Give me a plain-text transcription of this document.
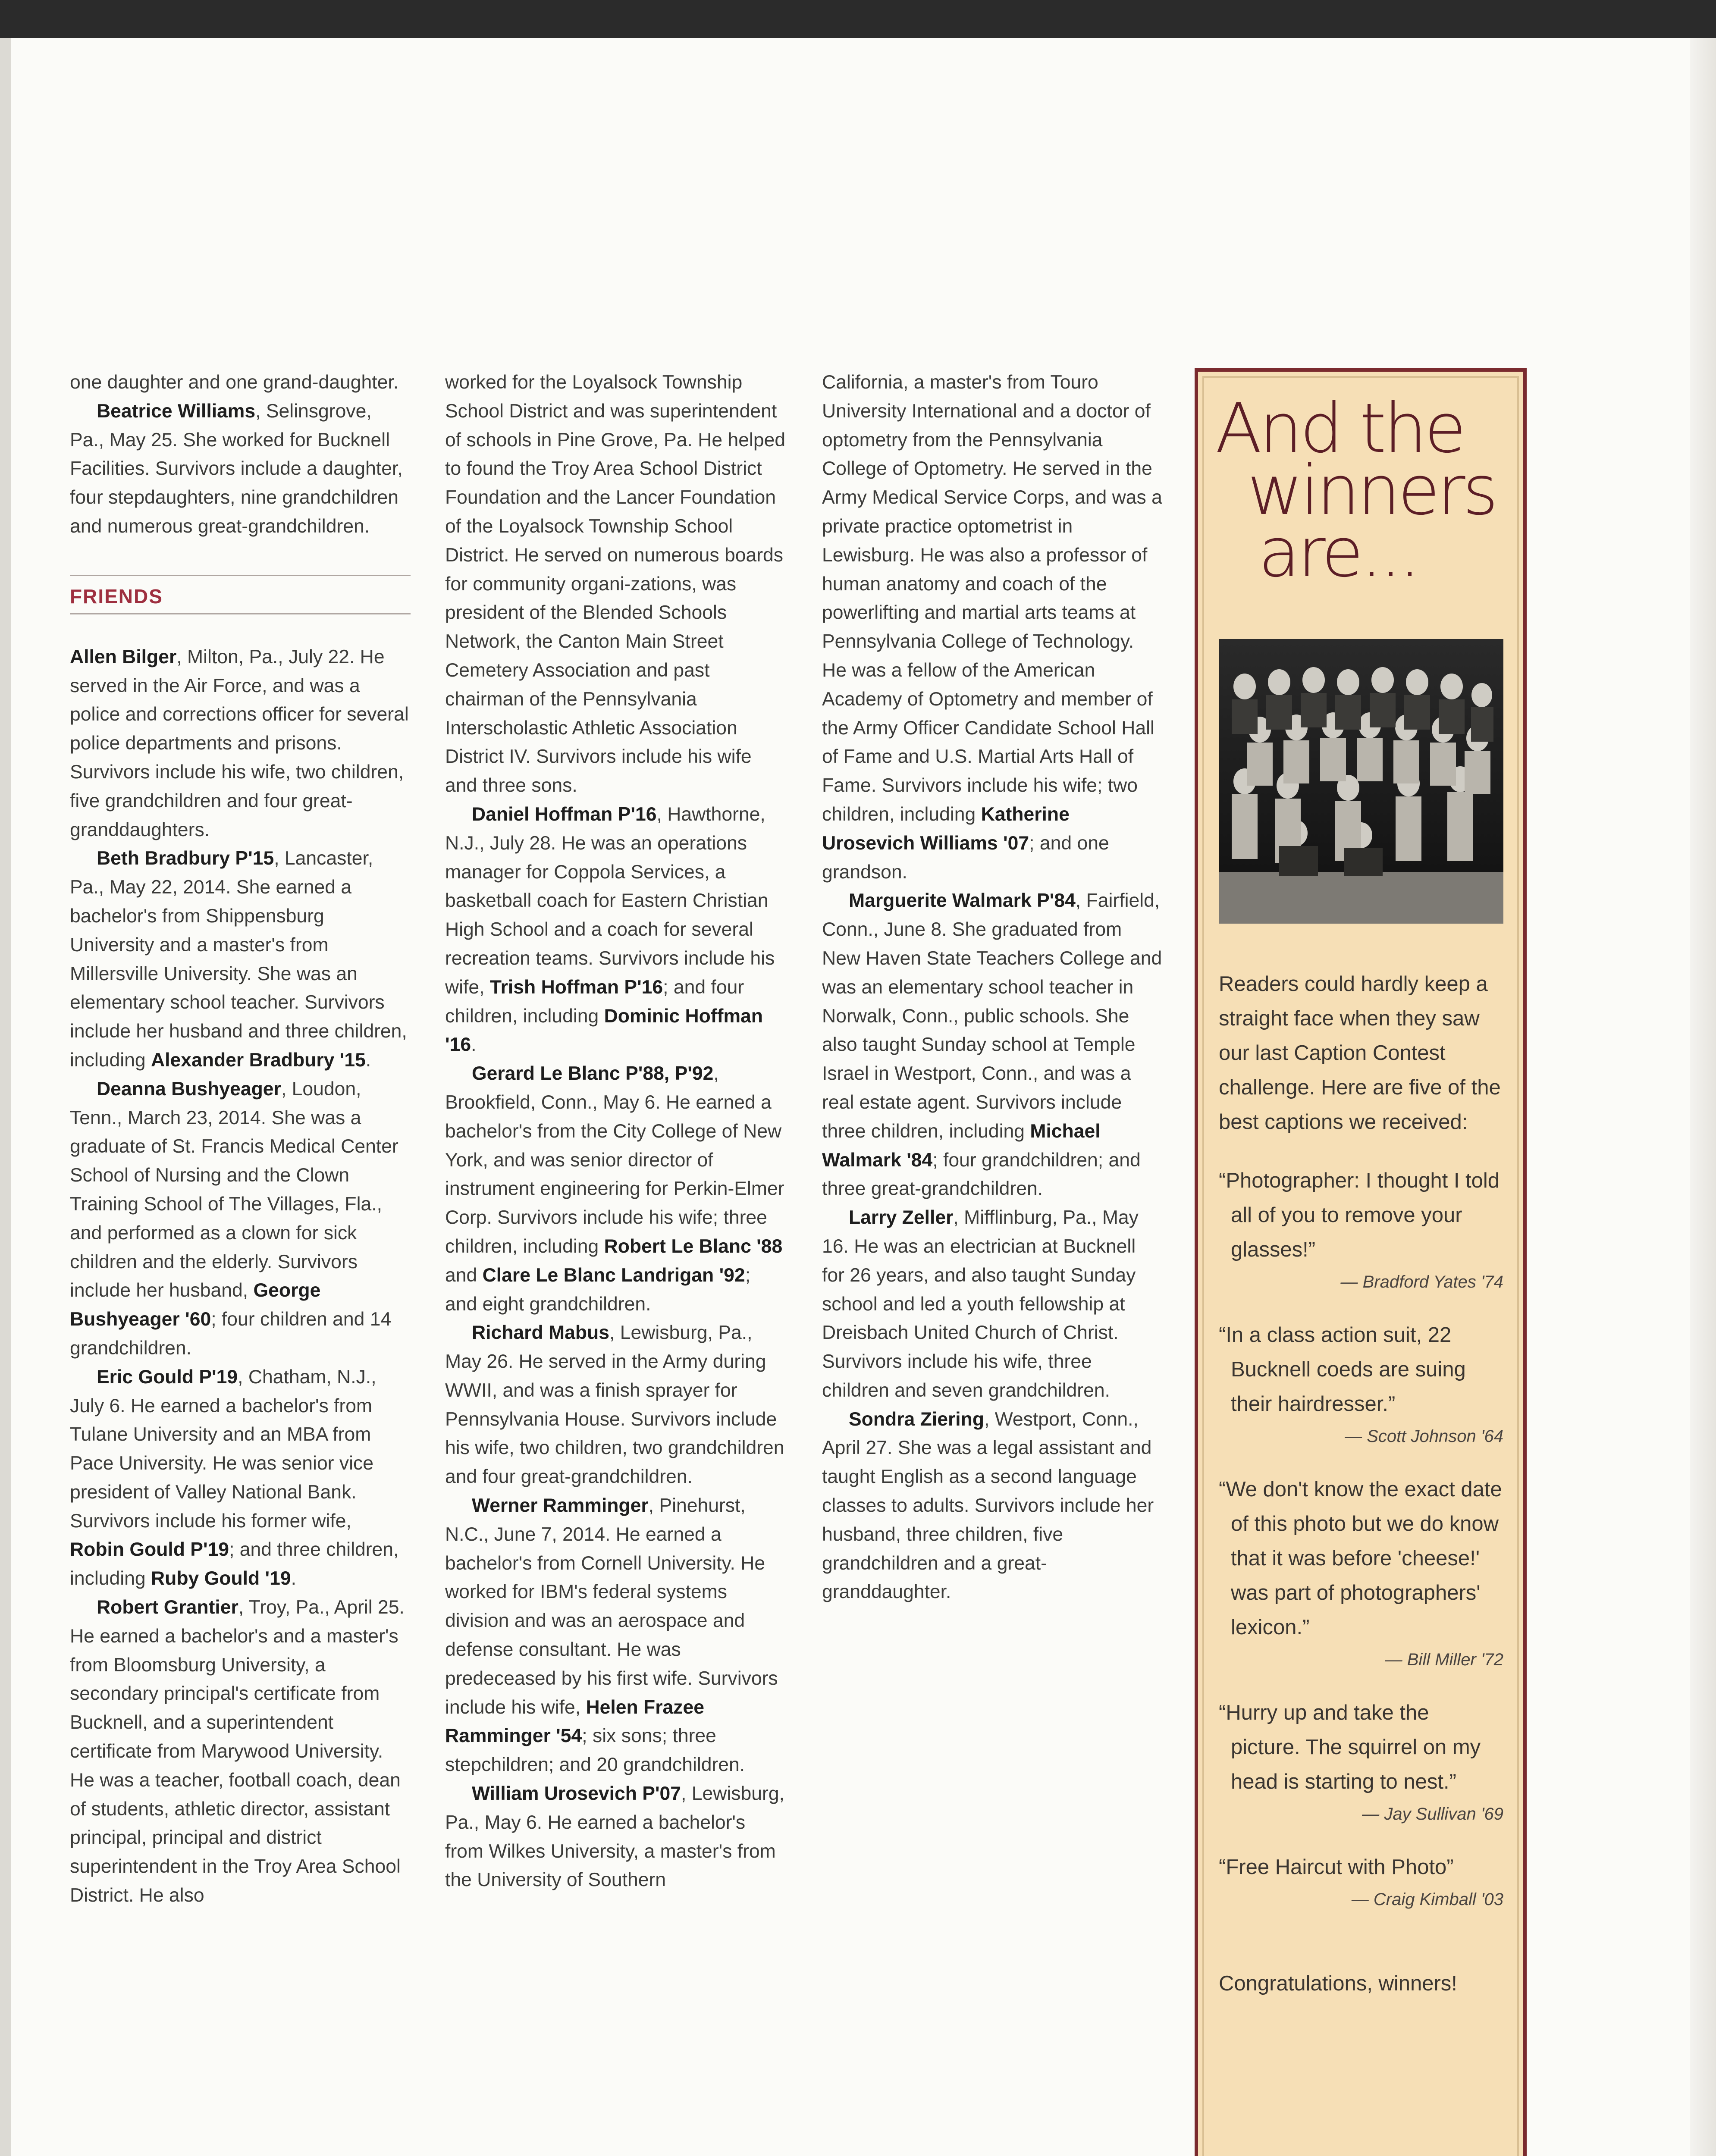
one daughter and one grand-daughter.

Beatrice Williams, Selinsgrove, Pa., May 25. She worked for Bucknell Facilities. Survivors include a daughter, four stepdaughters, nine grandchildren and numerous great-grandchildren.

FRIENDS

Allen Bilger, Milton, Pa., July 22. He served in the Air Force, and was a police and corrections officer for several police departments and prisons. Survivors include his wife, two children, five grandchildren and four great-granddaughters.

Beth Bradbury P'15, Lancaster, Pa., May 22, 2014. She earned a bachelor's from Shippensburg University and a master's from Millersville University. She was an elementary school teacher. Survivors include her husband and three children, including Alexander Bradbury '15.

Deanna Bushyeager, Loudon, Tenn., March 23, 2014. She was a graduate of St. Francis Medical Center School of Nursing and the Clown Training School of The Villages, Fla., and performed as a clown for sick children and the elderly. Survivors include her husband, George Bushyeager '60; four children and 14 grandchildren.

Eric Gould P'19, Chatham, N.J., July 6. He earned a bachelor's from Tulane University and an MBA from Pace University. He was senior vice president of Valley National Bank. Survivors include his former wife, Robin Gould P'19; and three children, including Ruby Gould '19.

Robert Grantier, Troy, Pa., April 25. He earned a bachelor's and a master's from Bloomsburg University, a secondary principal's certificate from Bucknell, and a superintendent certificate from Marywood University. He was a teacher, football coach, dean of students, athletic director, assistant principal, principal and district superintendent in the Troy Area School District. He also

worked for the Loyalsock Township School District and was superintendent of schools in Pine Grove, Pa. He helped to found the Troy Area School District Foundation and the Lancer Foundation of the Loyalsock Township School District. He served on numerous boards for community organi-zations, was president of the Blended Schools Network, the Canton Main Street Cemetery Association and past chairman of the Pennsylvania Interscholastic Athletic Association District IV. Survivors include his wife and three sons.

Daniel Hoffman P'16, Hawthorne, N.J., July 28. He was an operations manager for Coppola Services, a basketball coach for Eastern Christian High School and a coach for several recreation teams. Survivors include his wife, Trish Hoffman P'16; and four children, including Dominic Hoffman '16.

Gerard Le Blanc P'88, P'92, Brookfield, Conn., May 6. He earned a bachelor's from the City College of New York, and was senior director of instrument engineering for Perkin-Elmer Corp. Survivors include his wife; three children, including Robert Le Blanc '88 and Clare Le Blanc Landrigan '92; and eight grandchildren.

Richard Mabus, Lewisburg, Pa., May 26. He served in the Army during WWII, and was a finish sprayer for Pennsylvania House. Survivors include his wife, two children, two grandchildren and four great-grandchildren.

Werner Ramminger, Pinehurst, N.C., June 7, 2014. He earned a bachelor's from Cornell University. He worked for IBM's federal systems division and was an aerospace and defense consultant. He was predeceased by his first wife. Survivors include his wife, Helen Frazee Ramminger '54; six sons; three stepchildren; and 20 grandchildren.

William Urosevich P'07, Lewisburg, Pa., May 6. He earned a bachelor's from Wilkes University, a master's from the University of Southern

California, a master's from Touro University International and a doctor of optometry from the Pennsylvania College of Optometry. He served in the Army Medical Service Corps, and was a private practice optometrist in Lewisburg. He was also a professor of human anatomy and coach of the powerlifting and martial arts teams at Pennsylvania College of Technology. He was a fellow of the American Academy of Optometry and member of the Army Officer Candidate School Hall of Fame and U.S. Martial Arts Hall of Fame. Survivors include his wife; two children, including Katherine Urosevich Williams '07; and one grandson.

Marguerite Walmark P'84, Fairfield, Conn., June 8. She graduated from New Haven State Teachers College and was an elementary school teacher in Norwalk, Conn., public schools. She also taught Sunday school at Temple Israel in Westport, Conn., and was a real estate agent. Survivors include three children, including Michael Walmark '84; four grandchildren; and three great-grandchildren.

Larry Zeller, Mifflinburg, Pa., May 16. He was an electrician at Bucknell for 26 years, and also taught Sunday school and led a youth fellowship at Dreisbach United Church of Christ. Survivors include his wife, three children and seven grandchildren.

Sondra Ziering, Westport, Conn., April 27. She was a legal assistant and taught English as a second language classes to adults. Survivors include her husband, three children, five grandchildren and a great-granddaughter.

And the
winners
are...

Readers could hardly keep a straight face when they saw our last Caption Contest challenge. Here are five of the best captions we received:

“Photographer: I thought I told all of you to remove your glasses!”

— Bradford Yates '74

“In a class action suit, 22 Bucknell coeds are suing their hairdresser.”

— Scott Johnson '64

“We don't know the exact date of this photo but we do know that it was before 'cheese!' was part of photographers' lexicon.”

— Bill Miller '72

“Hurry up and take the picture. The squirrel on my head is starting to nest.”

— Jay Sullivan '69

“Free Haircut with Photo”

— Craig Kimball '03

Congratulations, winners!
